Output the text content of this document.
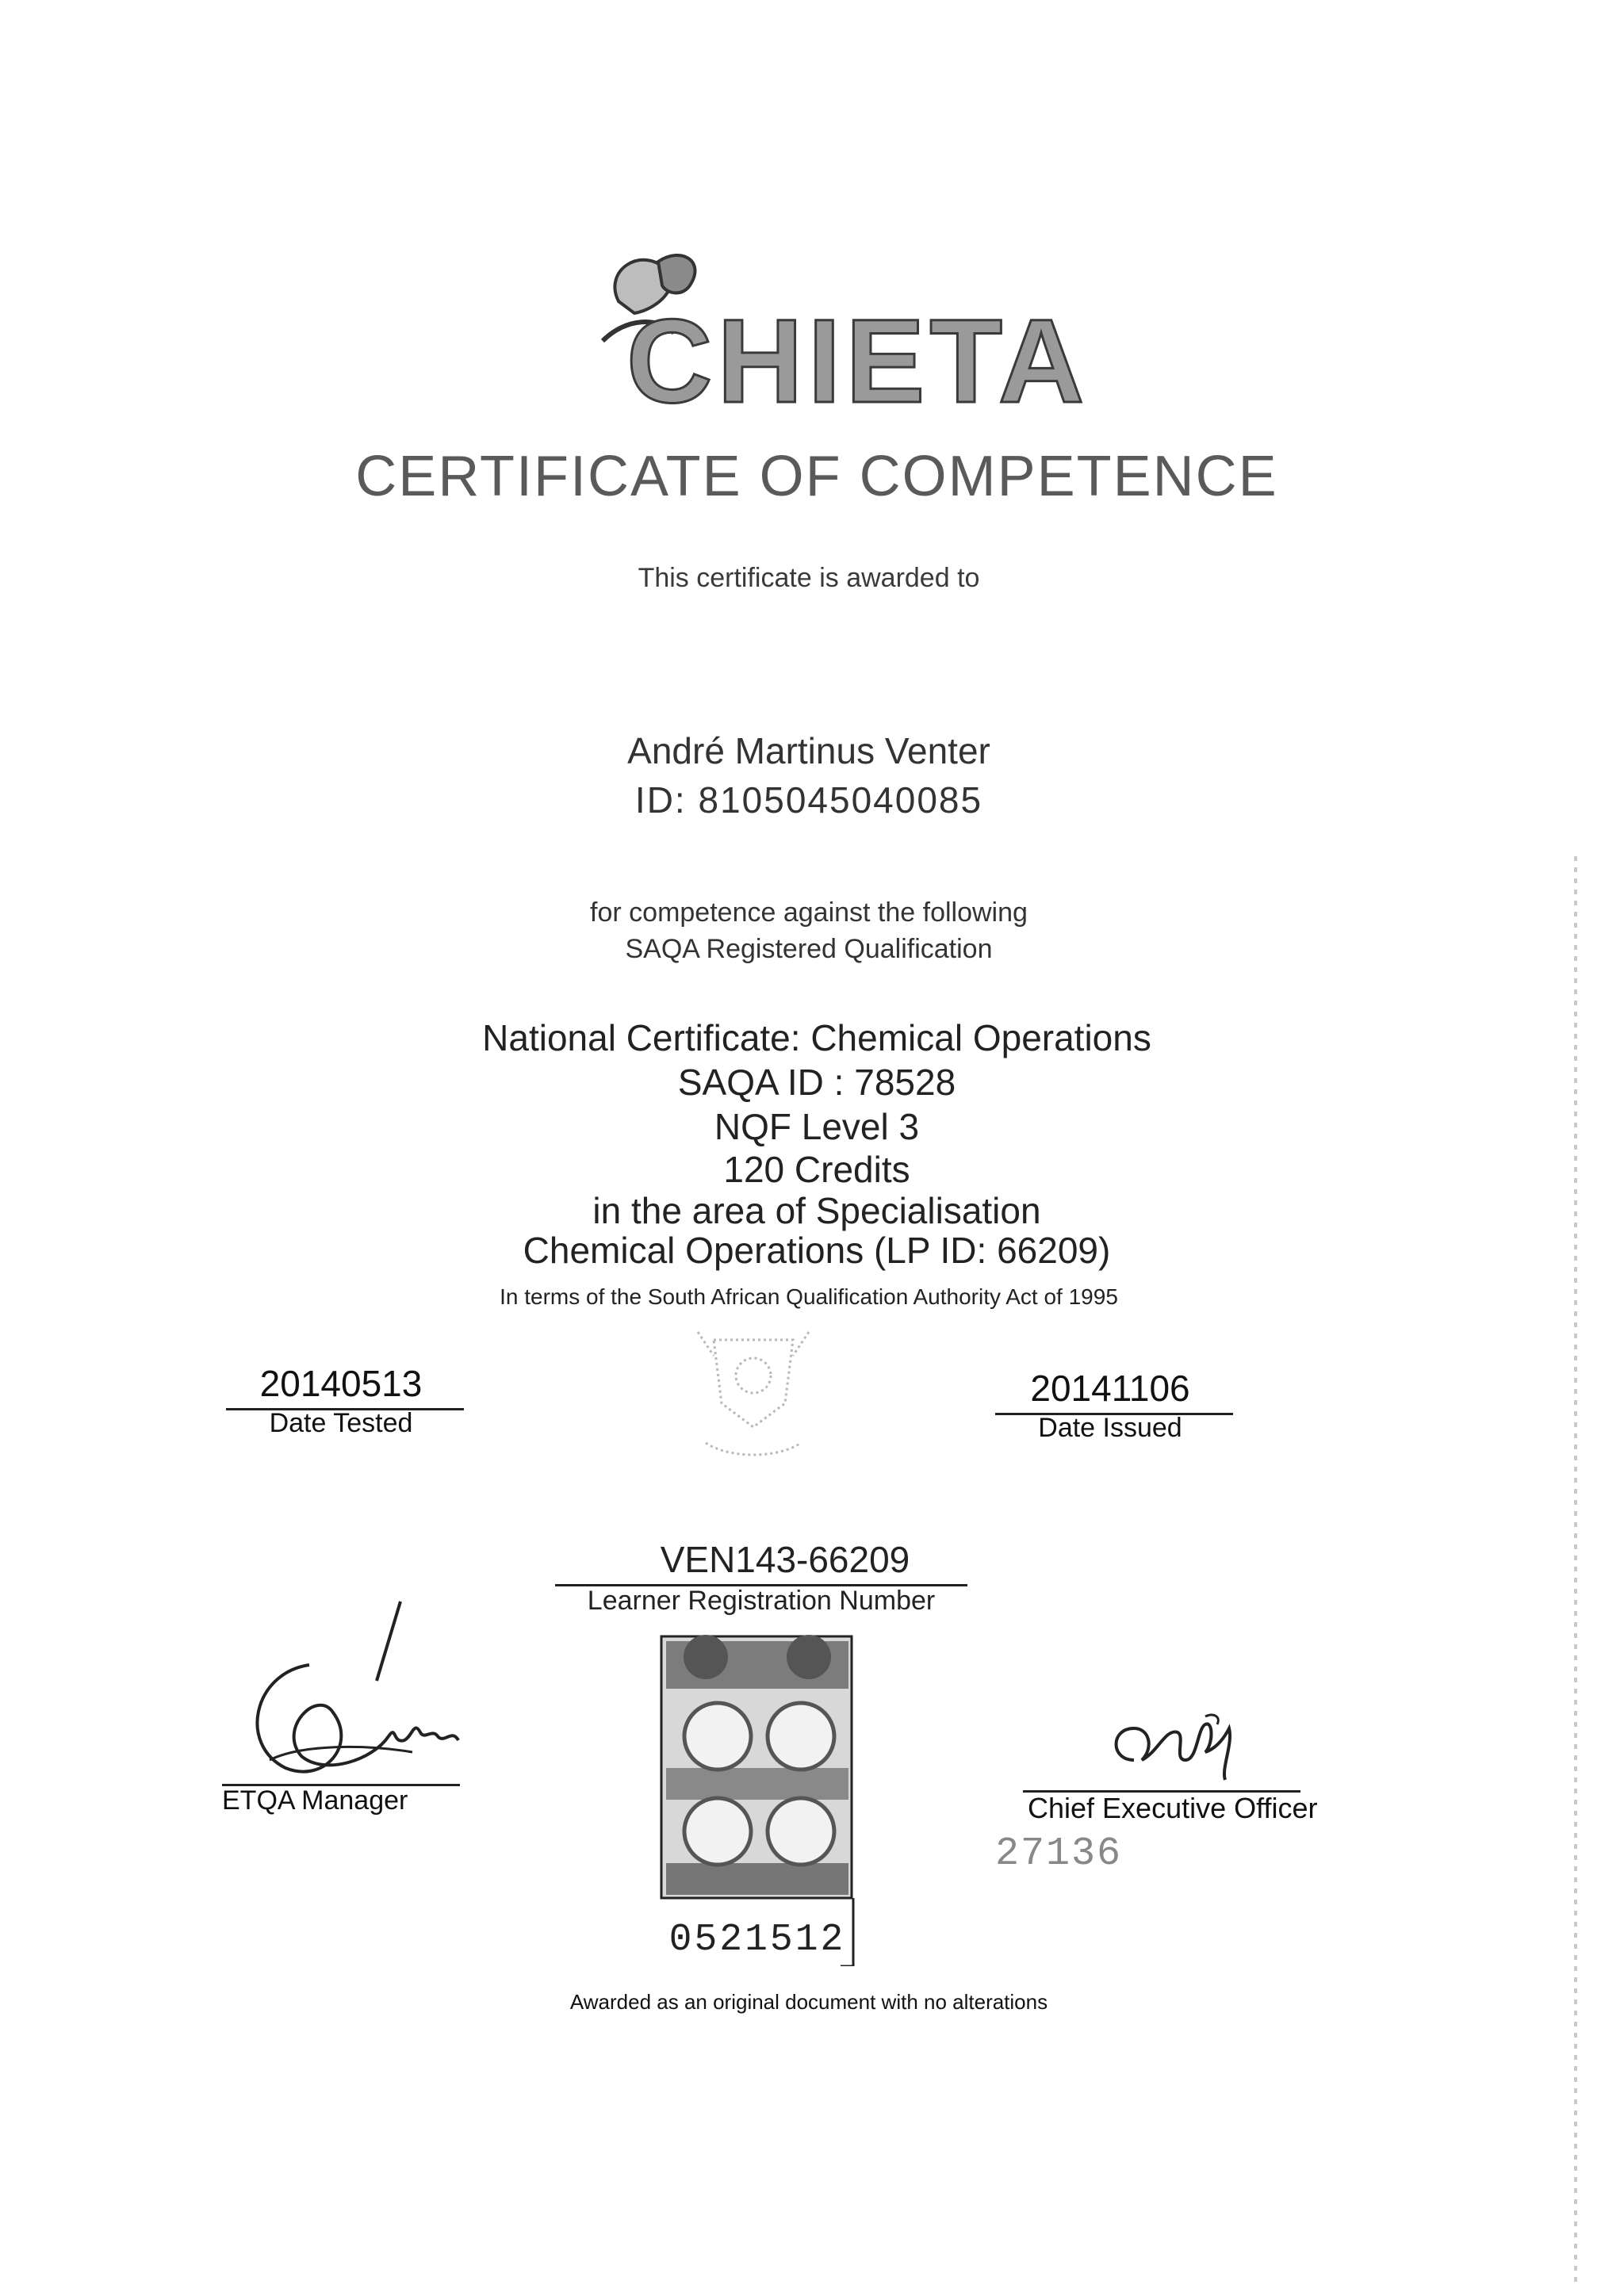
CHIETA
CERTIFICATE OF COMPETENCE
This certificate is awarded to
André Martinus Venter
ID: 8105045040085
for competence against the following
SAQA Registered Qualification
National Certificate: Chemical Operations
SAQA ID : 78528
NQF Level 3
120 Credits
in the area of Specialisation
Chemical Operations (LP ID: 66209)
In terms of the South African Qualification Authority Act of 1995
20140513
Date Tested
20141106
Date Issued
VEN143-66209
Learner Registration Number
0521512
ETQA Manager	Chief Executive Officer
27136
Awarded as an original document with no alterations
